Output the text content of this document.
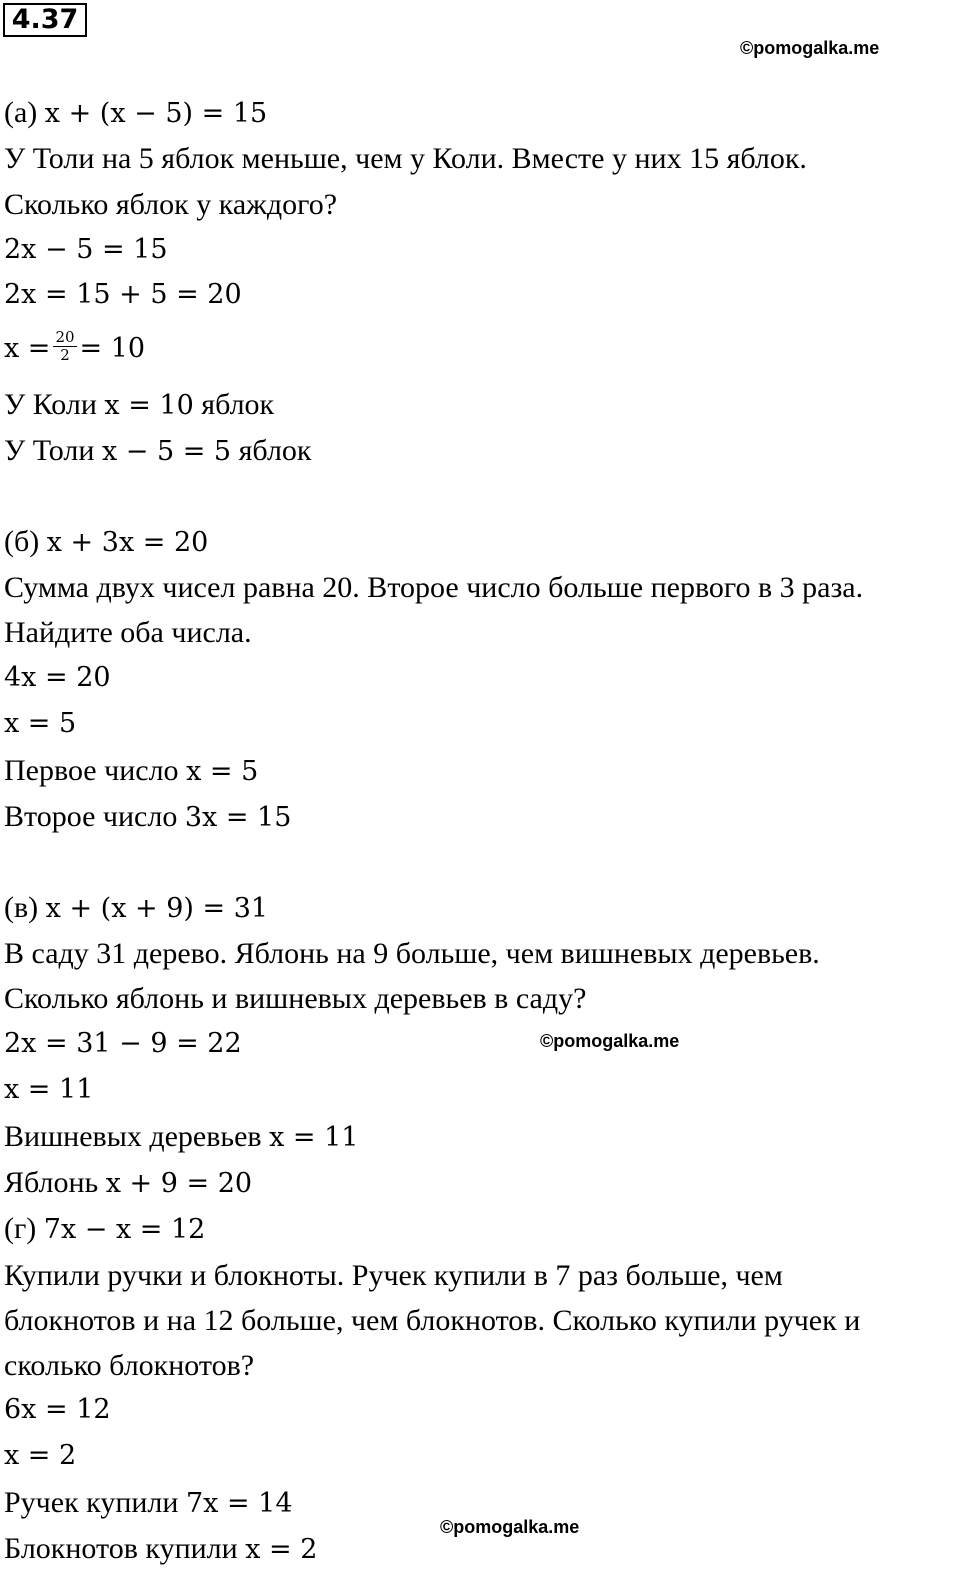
4.37
©pomogalka.me
(а) x + (x − 5) = 15
У Толи на 5 яблок меньше, чем у Коли. Вместе у них 15 яблок.
Сколько яблок у каждого?
2x − 5 = 15
2x = 15 + 5 = 20
$x = \frac{20}{2} = 10$
У Коли x = 10 яблок
У Толи x − 5 = 5 яблок
(б) x + 3x = 20
Сумма двух чисел равна 20. Второе число больше первого в 3 раза.
Найдите оба числа.
4x = 20
x = 5
Первое число x = 5
Второе число 3x = 15
(в) x + (x + 9) = 31
В саду 31 дерево. Яблонь на 9 больше, чем вишневых деревьев.
Сколько яблонь и вишневых деревьев в саду?
2x = 31 − 9 = 22	©pomogalka.me
x = 11
Вишневых деревьев x = 11
Яблонь x + 9 = 20
(г) 7x − x = 12
Купили ручки и блокноты. Ручек купили в 7 раз больше, чем
блокнотов и на 12 больше, чем блокнотов. Сколько купили ручек и
сколько блокнотов?
6x = 12
x = 2
Ручек купили 7x = 14
©pomogalka.me
Блокнотов купили x = 2
